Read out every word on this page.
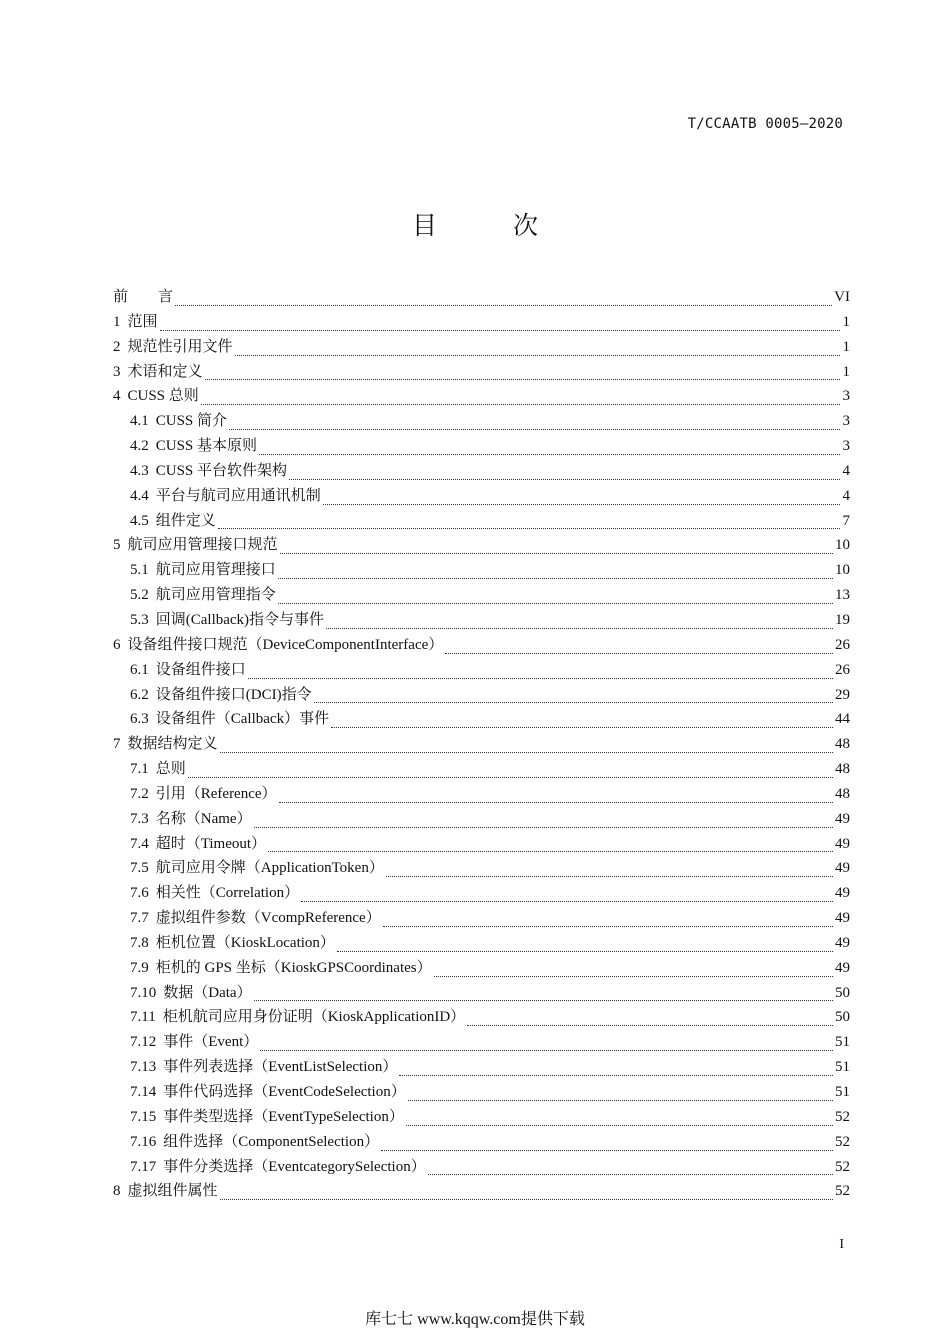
T/CCAATB 0005—2020
目 次
前　　言	VI
1 范围	1
2 规范性引用文件	1
3 术语和定义	1
4 CUSS 总则	3
4.1 CUSS 简介	3
4.2 CUSS 基本原则	3
4.3 CUSS 平台软件架构	4
4.4 平台与航司应用通讯机制	4
4.5 组件定义	7
5 航司应用管理接口规范	10
5.1 航司应用管理接口	10
5.2 航司应用管理指令	13
5.3 回调(Callback)指令与事件	19
6 设备组件接口规范（DeviceComponentInterface）	26
6.1 设备组件接口	26
6.2 设备组件接口(DCI)指令	29
6.3 设备组件（Callback）事件	44
7 数据结构定义	48
7.1 总则	48
7.2 引用（Reference）	48
7.3 名称（Name）	49
7.4 超时（Timeout）	49
7.5 航司应用令牌（ApplicationToken）	49
7.6 相关性（Correlation）	49
7.7 虚拟组件参数（VcompReference）	49
7.8 柜机位置（KioskLocation）	49
7.9 柜机的 GPS 坐标（KioskGPSCoordinates）	49
7.10 数据（Data）	50
7.11 柜机航司应用身份证明（KioskApplicationID）	50
7.12 事件（Event）	51
7.13 事件列表选择（EventListSelection）	51
7.14 事件代码选择（EventCodeSelection）	51
7.15 事件类型选择（EventTypeSelection）	52
7.16 组件选择（ComponentSelection）	52
7.17 事件分类选择（EventcategorySelection）	52
8 虚拟组件属性	52
I
库七七 www.kqqw.com提供下载
